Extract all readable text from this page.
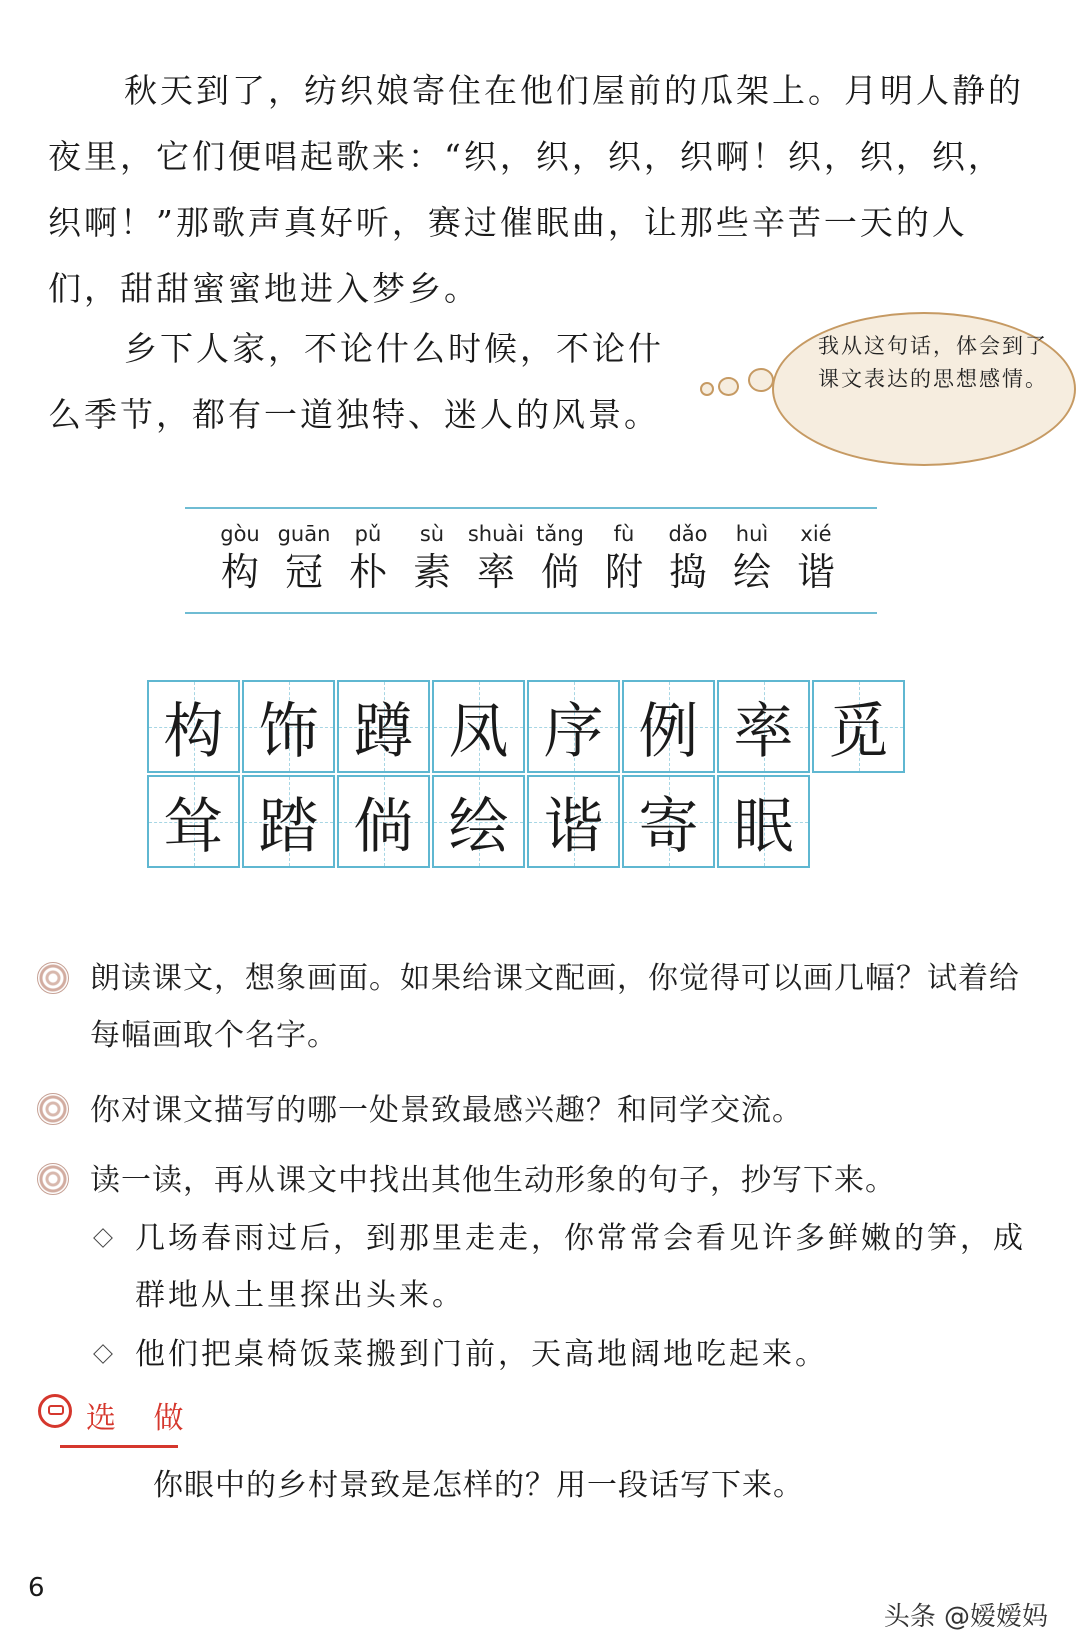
秋天到了，纺织娘寄住在他们屋前的瓜架上。月明人静的夜里，它们便唱起歌来：“织，织，织，织啊！织，织，织，织啊！”那歌声真好听，赛过催眠曲，让那些辛苦一天的人们，甜甜蜜蜜地进入梦乡。

乡下人家，不论什么时候，不论什么季节，都有一道独特、迷人的风景。

我从这句话，体会到了课文表达的思想感情。
gòu
构
guān
冠
pǔ
朴
sù
素
shuài
率
tǎng
倘
fù
附
dǎo
捣
huì
绘
xié
谐
构 饰 蹲 凤 序 例 率 觅
耸 踏 倘 绘 谐 寄 眠
朗读课文，想象画面。如果给课文配画，你觉得可以画几幅？试着给每幅画取个名字。
你对课文描写的哪一处景致最感兴趣？和同学交流。
读一读，再从课文中找出其他生动形象的句子，抄写下来。
几场春雨过后，到那里走走，你常常会看见许多鲜嫩的笋，成群地从土里探出头来。
他们把桌椅饭菜搬到门前，天高地阔地吃起来。
选 做
你眼中的乡村景致是怎样的？用一段话写下来。
6
头条 @嫒嫒妈
